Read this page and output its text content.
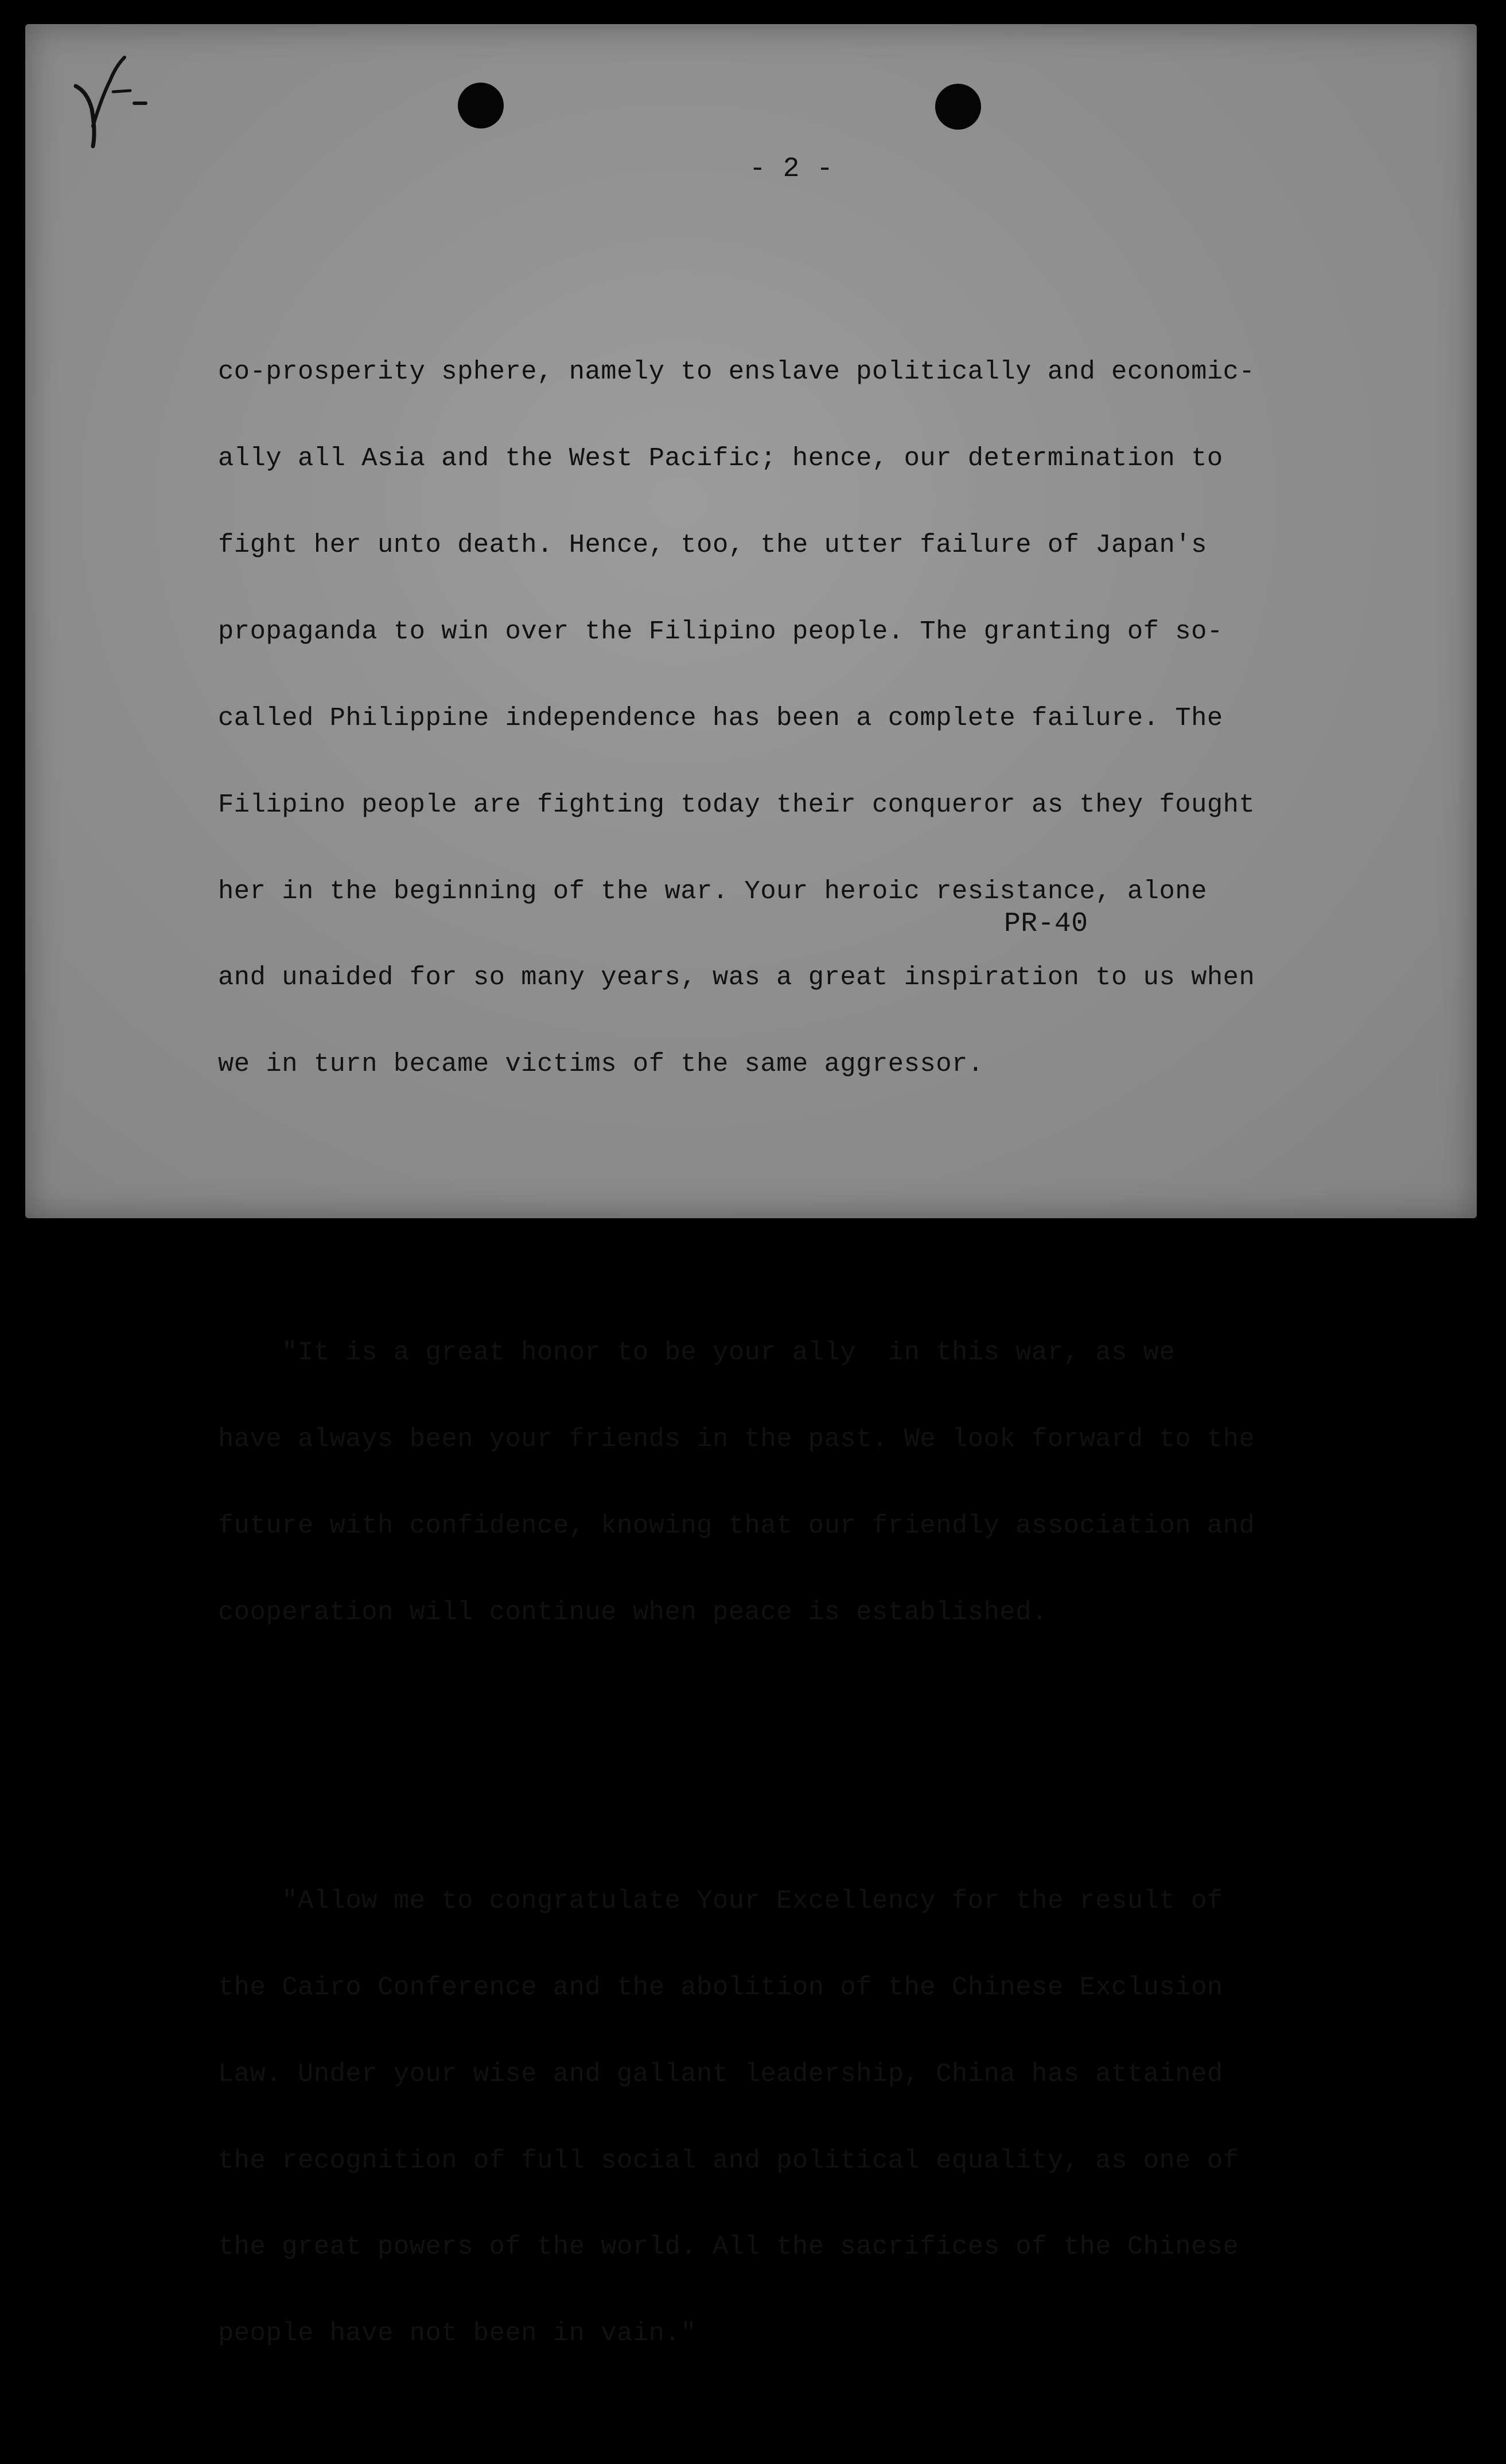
- 2 -

co-prosperity sphere, namely to enslave politically and economic-

ally all Asia and the West Pacific; hence, our determination to

fight her unto death. Hence, too, the utter failure of Japan's

propaganda to win over the Filipino people. The granting of so-

called Philippine independence has been a complete failure. The

Filipino people are fighting today their conqueror as they fought

her in the beginning of the war. Your heroic resistance, alone

and unaided for so many years, was a great inspiration to us when

we in turn became victims of the same aggressor.

"It is a great honor to be your ally  in this war, as we

have always been your friends in the past. We look forward to the

future with confidence, knowing that our friendly association and

cooperation will continue when peace is established.

"Allow me to congratulate Your Excellency for the result of

the Cairo Conference and the abolition of the Chinese Exclusion

Law. Under your wise and gallant leadership, China has attained

the recognition of full social and political equality, as one of

the great powers of the world. All the sacrifices of the Chinese

people have not been in vain."

PR-40
